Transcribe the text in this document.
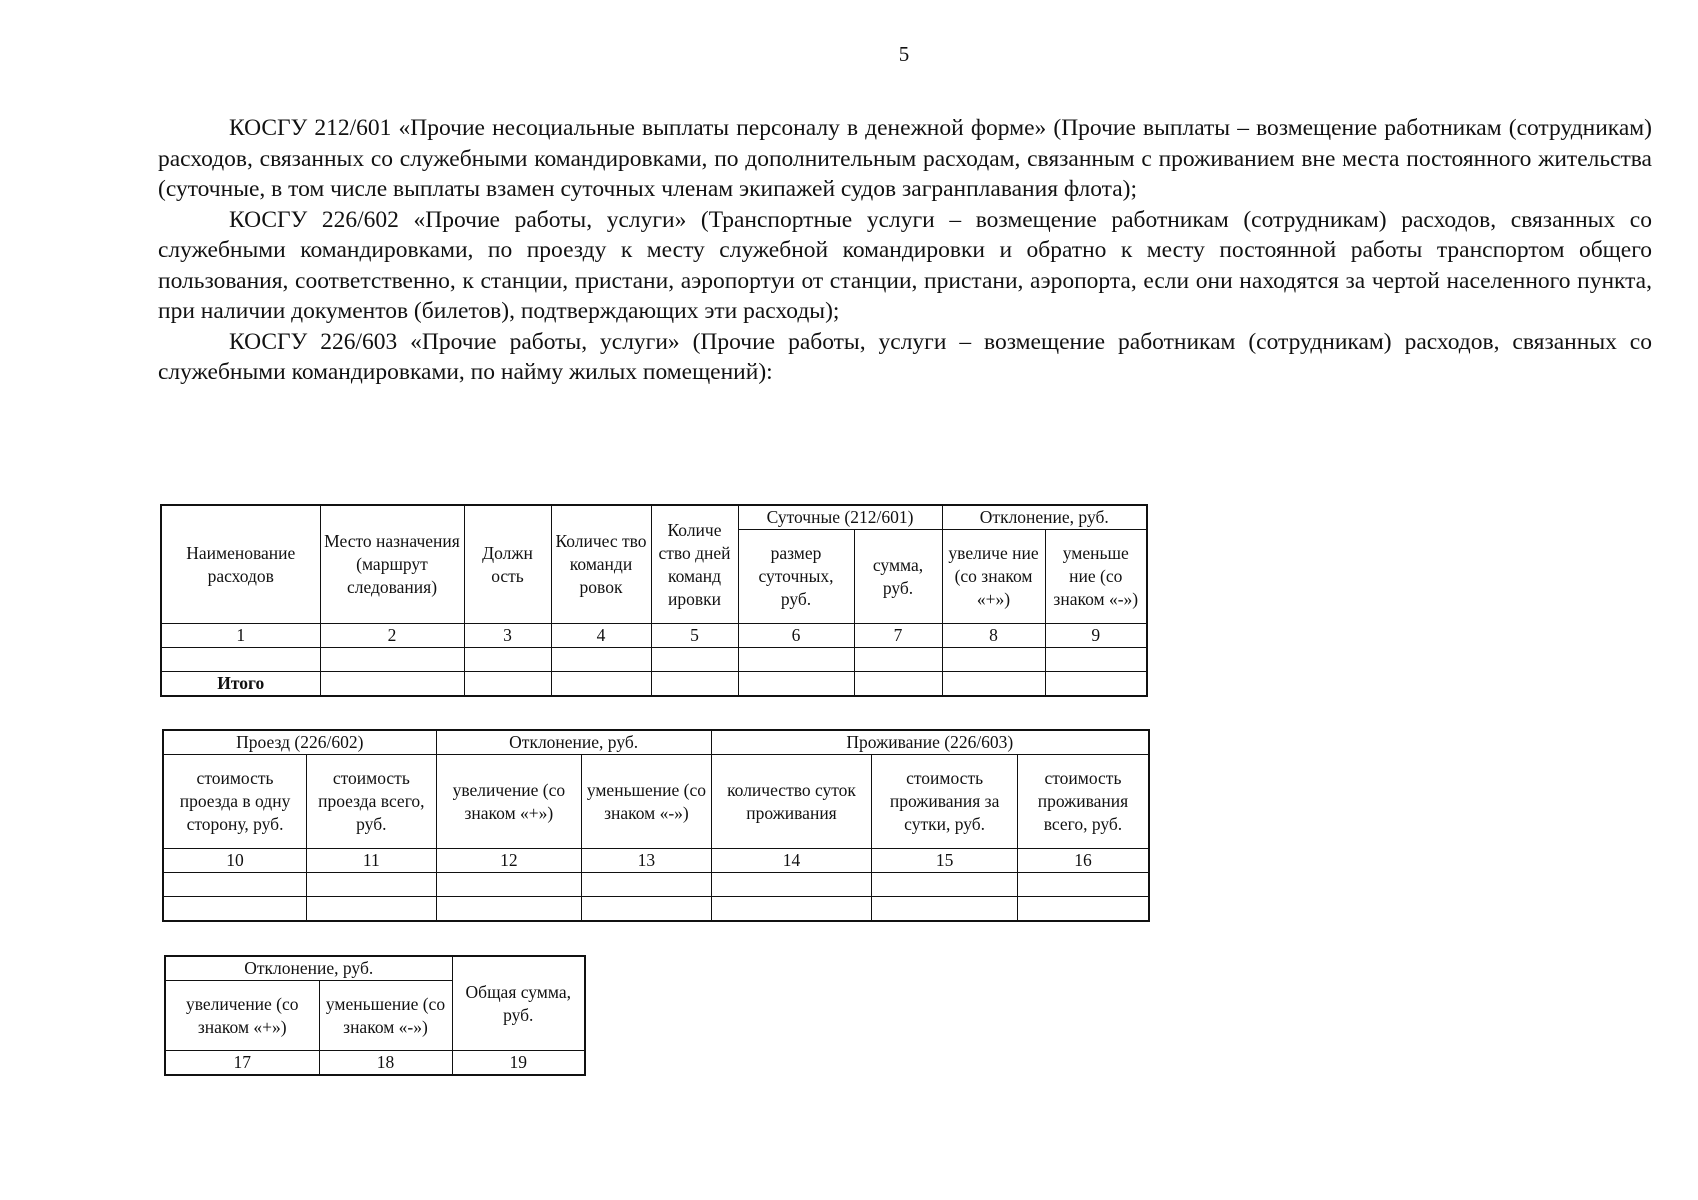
5

КОСГУ 212/601 «Прочие несоциальные выплаты персоналу в денежной форме» (Прочие выплаты – возмещение работникам (сотрудникам) расходов, связанных со служебными командировками, по дополнительным расходам, связанным с проживанием вне места постоянного жительства (суточные, в том числе выплаты взамен суточных членам экипажей судов загранплавания флота);

КОСГУ 226/602 «Прочие работы, услуги» (Транспортные услуги – возмещение работникам (сотрудникам) расходов, связанных со служебными командировками, по проезду к месту служебной командировки и обратно к месту постоянной работы транспортом общего пользования, соответственно, к станции, пристани, аэропортуи от станции, пристани, аэропорта, если они находятся за чертой населенного пункта, при наличии документов (билетов), подтверждающих эти расходы);

КОСГУ 226/603 «Прочие работы, услуги» (Прочие работы, услуги – возмещение работникам (сотрудникам) расходов, связанных со служебными командировками, по найму жилых помещений):

Наименование расходов	Место назначения (маршрут следования)	Должн ость	Количес тво команди ровок	Количе ство дней команд ировки	Суточные (212/601)		Отклонение, руб.	
					размер суточных, руб.	сумма, руб.	увеличе ние (со знаком «+»)	уменьше ние (со знаком «-»)
1	2	3	4	5	6	7	8	9

Итого								
Проезд (226/602)		Отклонение, руб.		Проживание (226/603)		
стоимость проезда в одну сторону, руб.	стоимость проезда всего, руб.	увеличение (со знаком «+»)	уменьшение (со знаком «-»)	количество суток проживания	стоимость проживания за сутки, руб.	стоимость проживания всего, руб.
10	11	12	13	14	15	16

Отклонение, руб.		Общая сумма, руб.
увеличение (со знаком «+»)	уменьшение (со знаком «-»)	
17	18	19
